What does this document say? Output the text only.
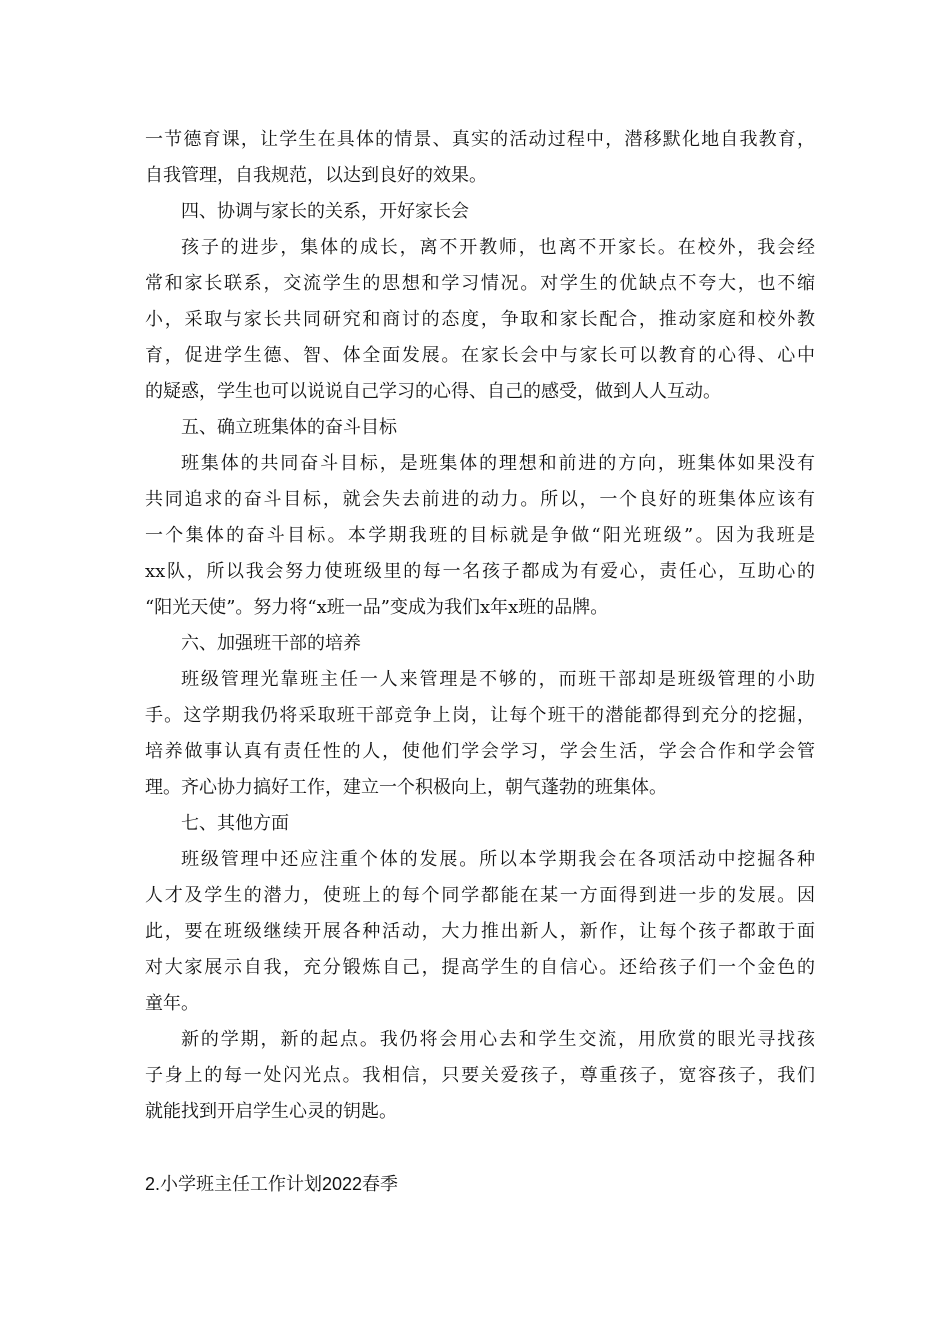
一节德育课，让学生在具体的情景、真实的活动过程中，潜移默化地自我教育，
自我管理，自我规范，以达到良好的效果。
四、协调与家长的关系，开好家长会
孩子的进步，集体的成长，离不开教师，也离不开家长。在校外，我会经
常和家长联系，交流学生的思想和学习情况。对学生的优缺点不夸大，也不缩
小，采取与家长共同研究和商讨的态度，争取和家长配合，推动家庭和校外教
育，促进学生德、智、体全面发展。在家长会中与家长可以教育的心得、心中
的疑惑，学生也可以说说自己学习的心得、自己的感受，做到人人互动。
五、确立班集体的奋斗目标
班集体的共同奋斗目标，是班集体的理想和前进的方向，班集体如果没有
共同追求的奋斗目标，就会失去前进的动力。所以，一个良好的班集体应该有
一个集体的奋斗目标。本学期我班的目标就是争做“阳光班级”。因为我班是
xx队，所以我会努力使班级里的每一名孩子都成为有爱心，责任心，互助心的
“阳光天使”。努力将“x班一品”变成为我们x年x班的品牌。
六、加强班干部的培养
班级管理光靠班主任一人来管理是不够的，而班干部却是班级管理的小助
手。这学期我仍将采取班干部竞争上岗，让每个班干的潜能都得到充分的挖掘，
培养做事认真有责任性的人，使他们学会学习，学会生活，学会合作和学会管
理。齐心协力搞好工作，建立一个积极向上，朝气蓬勃的班集体。
七、其他方面
班级管理中还应注重个体的发展。所以本学期我会在各项活动中挖掘各种
人才及学生的潜力，使班上的每个同学都能在某一方面得到进一步的发展。因
此，要在班级继续开展各种活动，大力推出新人，新作，让每个孩子都敢于面
对大家展示自我，充分锻炼自己，提高学生的自信心。还给孩子们一个金色的
童年。
新的学期，新的起点。我仍将会用心去和学生交流，用欣赏的眼光寻找孩
子身上的每一处闪光点。我相信，只要关爱孩子，尊重孩子，宽容孩子，我们
就能找到开启学生心灵的钥匙。
2.小学班主任工作计划2022春季
